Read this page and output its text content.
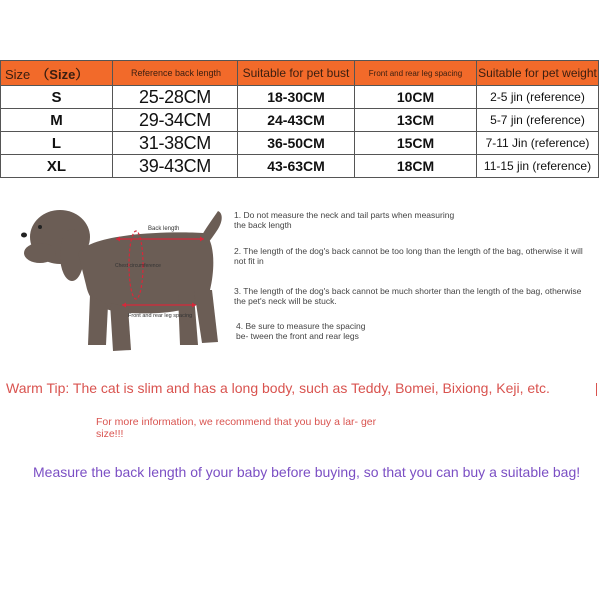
Size （Size）	Reference back length	Suitable for pet bust	Front and rear leg spacing	Suitable for pet weight
S	25-28CM	18-30CM	10CM	2-5 jin (reference)
M	29-34CM	24-43CM	13CM	5-7 jin (reference)
L	31-38CM	36-50CM	15CM	7-11 Jin (reference)
XL	39-43CM	43-63CM	18CM	11-15 jin (reference)
Back length
Chest circumference
Front and rear leg spacing
1. Do not measure the neck and tail parts when measuring the back length
2. The length of the dog's back cannot be too long than the length of the bag, otherwise it will not fit in
3. The length of the dog's back cannot be much shorter than the length of the bag, otherwise the pet's neck will be stuck.
4. Be sure to measure the spacing be- tween the front and rear legs
Warm Tip: The cat is slim and has a long body, such as Teddy, Bomei, Bixiong, Keji, etc.
For more information, we recommend that you buy a lar- ger size!!!
Measure the back length of your baby before buying, so that you can buy a suitable bag!
